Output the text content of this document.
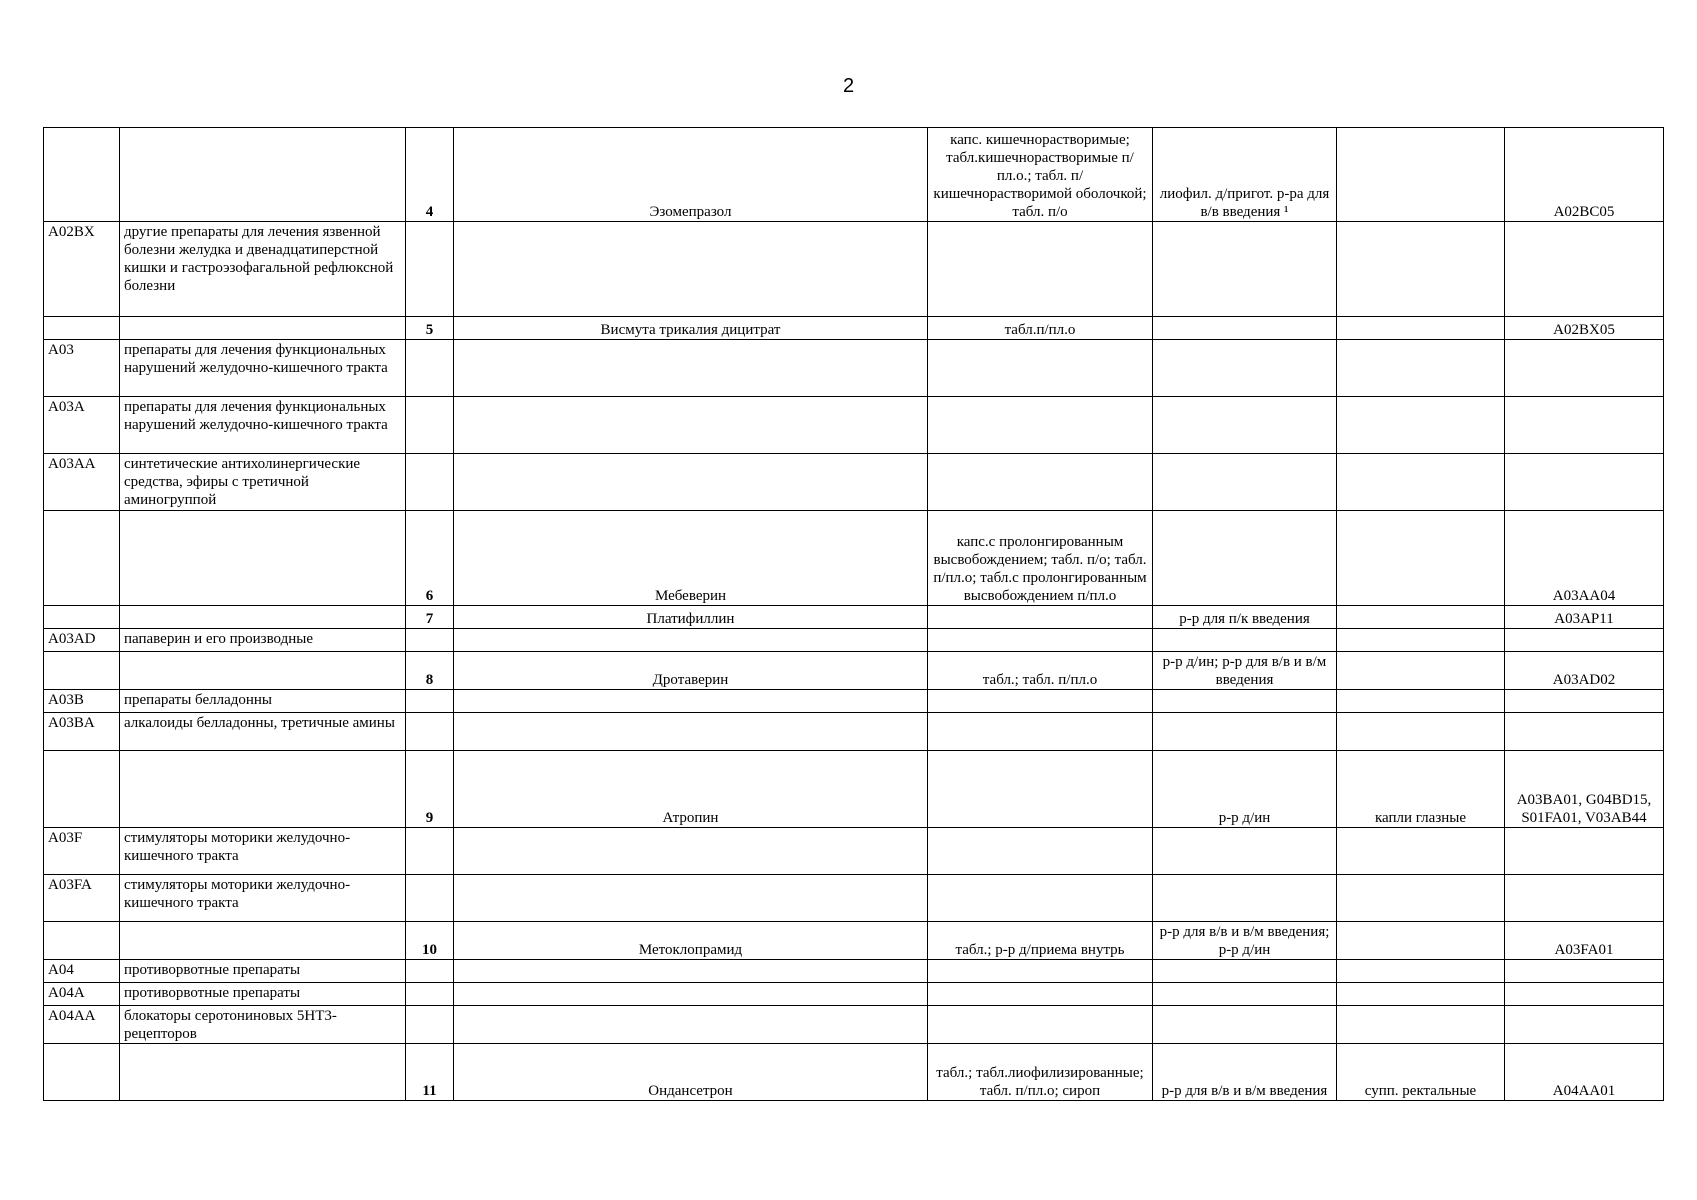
2
		4	Эзомепразол	капс. кишечнорастворимые; табл.кишечнорастворимые п/пл.о.; табл. п/кишечнорастворимой оболочкой; табл. п/о	лиофил. д/пригот. р-ра для в/в введения ¹		A02BC05
A02BX	другие препараты для лечения язвенной болезни желудка и двенадцатиперстной кишки и гастроэзофагальной рефлюксной болезни						
		5	Висмута трикалия дицитрат	табл.п/пл.о			A02BX05
A03	препараты для лечения функциональных нарушений желудочно-кишечного тракта						
A03A	препараты для лечения функциональных нарушений желудочно-кишечного тракта						
A03AA	синтетические антихолинергические средства, эфиры с третичной аминогруппой						
		6	Мебеверин	капс.с пролонгированным высвобождением; табл. п/о; табл. п/пл.о; табл.с пролонгированным высвобождением п/пл.о			A03AA04
		7	Платифиллин		р-р для п/к введения		A03AP11
A03AD	папаверин и его производные						
		8	Дротаверин	табл.; табл. п/пл.о	р-р д/ин; р-р для в/в и в/м введения		A03AD02
A03B	препараты белладонны						
A03BA	алкалоиды белладонны, третичные амины						
		9	Атропин		р-р д/ин	капли глазные	A03BA01, G04BD15, S01FA01, V03AB44
A03F	стимуляторы моторики желудочно-кишечного тракта						
A03FA	стимуляторы моторики желудочно-кишечного тракта						
		10	Метоклопрамид	табл.; р-р д/приема внутрь	р-р для в/в и в/м введения; р-р д/ин		A03FA01
A04	противорвотные препараты						
A04A	противорвотные препараты						
A04AA	блокаторы серотониновых 5НТ3-рецепторов						
		11	Ондансетрон	табл.; табл.лиофилизированные; табл. п/пл.о; сироп	р-р для в/в и в/м введения	супп. ректальные	A04AA01
